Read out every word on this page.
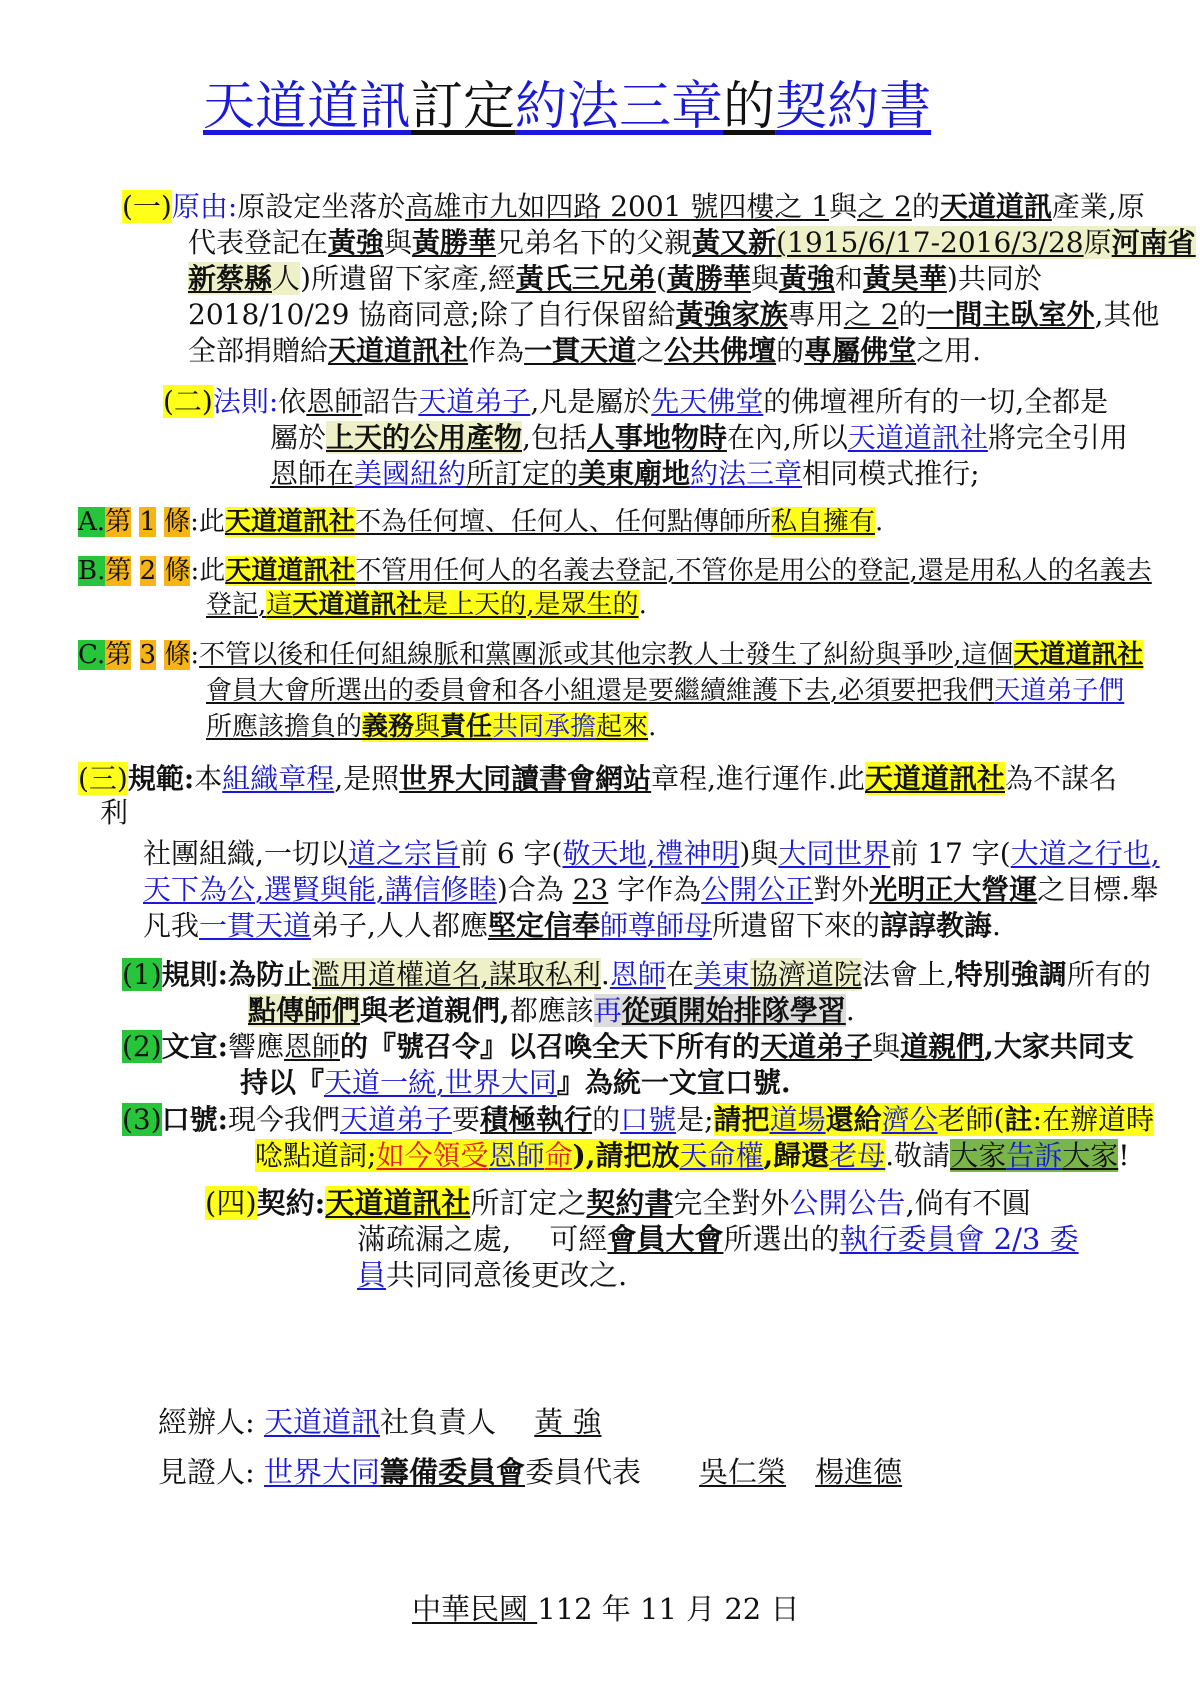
天道道訊訂定約法三章的契約書
(一)原由:原設定坐落於高雄市九如四路 2001 號四樓之 1與之 2的天道道訊產業,原
代表登記在黃強與黃勝華兄弟名下的父親黃又新(1915/6/17-2016/3/28原河南省
新蔡縣人)所遺留下家產,經黃氏三兄弟(黃勝華與黃強和黃昊華)共同於
2018/10/29 協商同意;除了自行保留給黃強家族專用之 2的一間主臥室外,其他
全部捐贈給天道道訊社作為一貫天道之公共佛壇的專屬佛堂之用.
(二)法則:依恩師詔告天道弟子,凡是屬於先天佛堂的佛壇裡所有的一切,全都是
屬於上天的公用產物,包括人事地物時在內,所以天道道訊社將完全引用
恩師在美國紐約所訂定的美東廟地約法三章相同模式推行;
A.第 1 條:此天道道訊社不為任何壇、任何人、任何點傳師所私自擁有.
B.第 2 條:此天道道訊社不管用任何人的名義去登記,不管你是用公的登記,還是用私人的名義去
登記,這天道道訊社是上天的,是眾生的.
C.第 3 條:不管以後和任何組線脈和黨團派或其他宗教人士發生了糾紛與爭吵,這個天道道訊社
會員大會所選出的委員會和各小組還是要繼續維護下去,必須要把我們天道弟子們
所應該擔負的義務與責任共同承擔起來.
(三)規範:本組織章程,是照世界大同讀書會網站章程,進行運作.此天道道訊社為不謀名
利
社團組織,一切以道之宗旨前 6 字(敬天地,禮神明)與大同世界前 17 字(大道之行也,
天下為公,選賢與能,講信修睦)合為 23 字作為公開公正對外光明正大營運之目標.舉
凡我一貫天道弟子,人人都應堅定信奉師尊師母所遺留下來的諄諄教誨.
(1)規則:為防止濫用道權道名,謀取私利.恩師在美東協濟道院法會上,特別強調所有的
點傳師們與老道親們,都應該再從頭開始排隊學習.
(2)文宣:響應恩師的『號召令』以召喚全天下所有的天道弟子與道親們,大家共同支
持以『天道一統,世界大同』為統一文宣口號.
(3)口號:現今我們天道弟子要積極執行的口號是;請把道場還給濟公老師(註:在辦道時
唸點道詞;如今領受恩師命),請把放天命權,歸還老母.敬請大家告訴大家!
(四)契約:天道道訊社所訂定之契約書完全對外公開公告,倘有不圓
滿疏漏之處,　 可經會員大會所選出的執行委員會 2/3 委
員共同同意後更改之.
經辦人: 天道道訊社負責人　 黃 強
見證人: 世界大同籌備委員會委員代表　　吳仁榮　 楊進德
中華民國 112 年 11 月 22 日
